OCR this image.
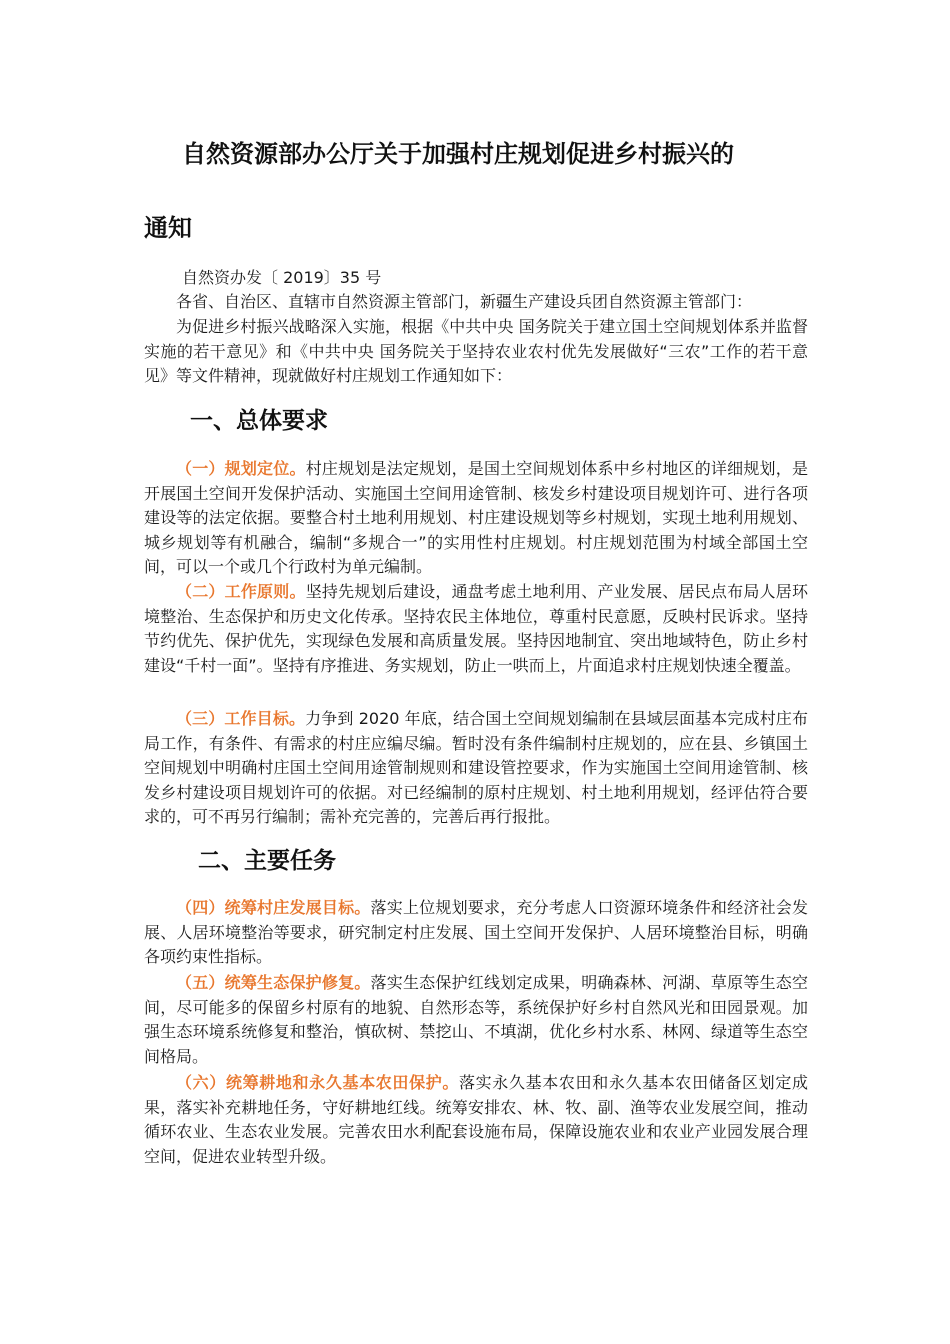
自然资源部办公厅关于加强村庄规划促进乡村振兴的
通知
自然资办发〔 2019〕35 号

各省、自治区、直辖市自然资源主管部门，新疆生产建设兵团自然资源主管部门：

为促进乡村振兴战略深入实施，根据《中共中央 国务院关于建立国土空间规划体系并监督实施的若干意见》和《中共中央 国务院关于坚持农业农村优先发展做好“三农”工作的若干意见》等文件精神，现就做好村庄规划工作通知如下：

一、总体要求

（一）规划定位。村庄规划是法定规划，是国土空间规划体系中乡村地区的详细规划，是开展国土空间开发保护活动、实施国土空间用途管制、核发乡村建设项目规划许可、进行各项建设等的法定依据。要整合村土地利用规划、村庄建设规划等乡村规划，实现土地利用规划、城乡规划等有机融合，编制“多规合一”的实用性村庄规划。村庄规划范围为村域全部国土空间，可以一个或几个行政村为单元编制。

（二）工作原则。坚持先规划后建设，通盘考虑土地利用、产业发展、居民点布局人居环境整治、生态保护和历史文化传承。坚持农民主体地位，尊重村民意愿，反映村民诉求。坚持节约优先、保护优先，实现绿色发展和高质量发展。坚持因地制宜、突出地域特色，防止乡村建设“千村一面”。坚持有序推进、务实规划，防止一哄而上，片面追求村庄规划快速全覆盖。

（三）工作目标。力争到 2020 年底，结合国土空间规划编制在县域层面基本完成村庄布局工作，有条件、有需求的村庄应编尽编。暂时没有条件编制村庄规划的，应在县、乡镇国土空间规划中明确村庄国土空间用途管制规则和建设管控要求，作为实施国土空间用途管制、核发乡村建设项目规划许可的依据。对已经编制的原村庄规划、村土地利用规划，经评估符合要求的，可不再另行编制；需补充完善的，完善后再行报批。

二、主要任务

（四）统筹村庄发展目标。落实上位规划要求，充分考虑人口资源环境条件和经济社会发展、人居环境整治等要求，研究制定村庄发展、国土空间开发保护、人居环境整治目标，明确各项约束性指标。

（五）统筹生态保护修复。落实生态保护红线划定成果，明确森林、河湖、草原等生态空间，尽可能多的保留乡村原有的地貌、自然形态等，系统保护好乡村自然风光和田园景观。加强生态环境系统修复和整治，慎砍树、禁挖山、不填湖，优化乡村水系、林网、绿道等生态空间格局。

（六）统筹耕地和永久基本农田保护。落实永久基本农田和永久基本农田储备区划定成果，落实补充耕地任务，守好耕地红线。统筹安排农、林、牧、副、渔等农业发展空间，推动循环农业、生态农业发展。完善农田水利配套设施布局，保障设施农业和农业产业园发展合理空间，促进农业转型升级。
